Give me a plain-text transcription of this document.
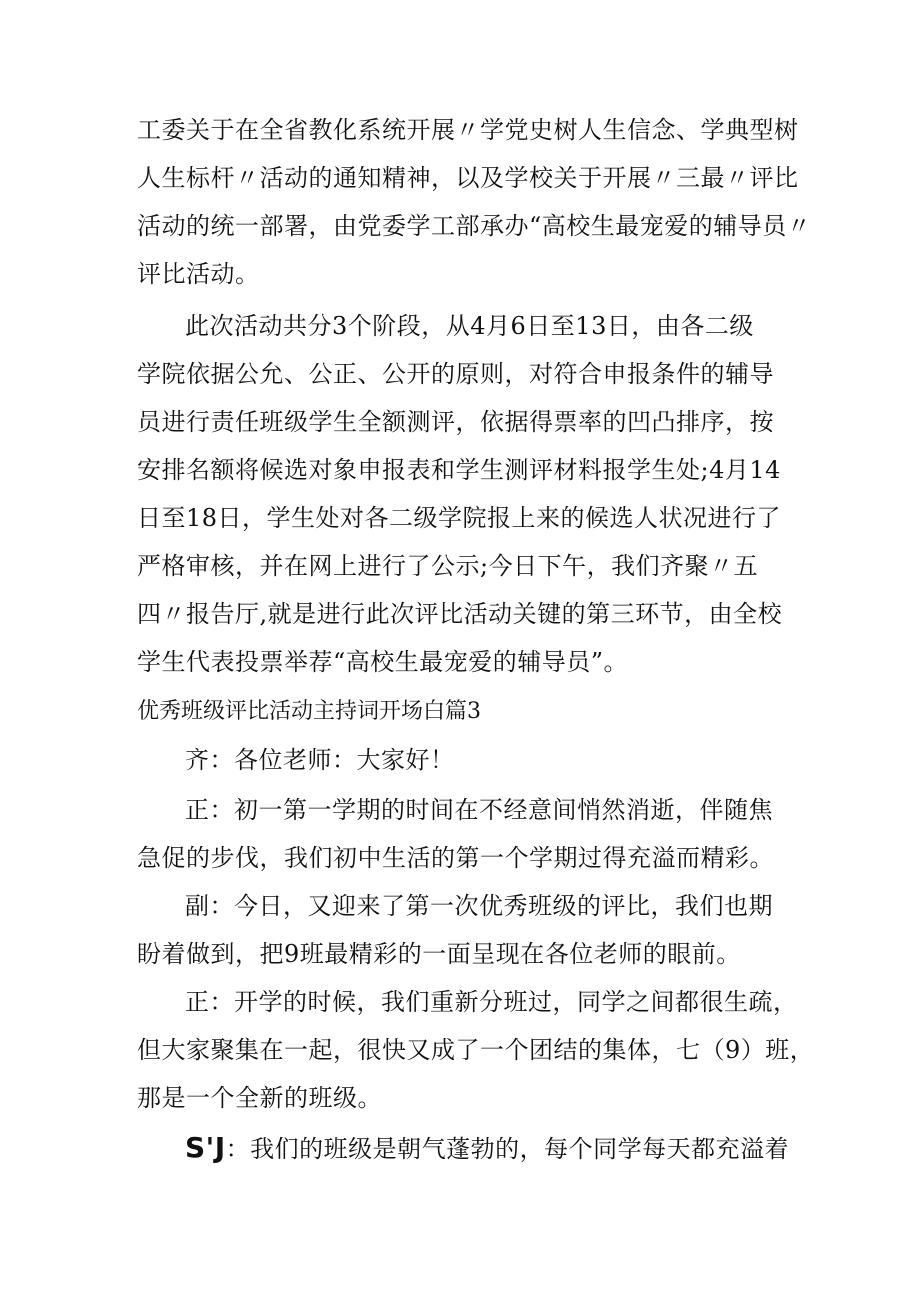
工委关于在全省教化系统开展〃学党史树人生信念、学典型树
人生标杆〃活动的通知精神，以及学校关于开展〃三最〃评比
活动的统一部署，由党委学工部承办“高校生最宠爱的辅导员〃
评比活动。
此次活动共分3个阶段，从4月6日至13日，由各二级
学院依据公允、公正、公开的原则，对符合申报条件的辅导
员进行责任班级学生全额测评，依据得票率的凹凸排序，按
安排名额将候选对象申报表和学生测评材料报学生处;4月14
日至18日，学生处对各二级学院报上来的候选人状况进行了
严格审核，并在网上进行了公示;今日下午，我们齐聚〃五
四〃报告厅,就是进行此次评比活动关键的第三环节，由全校
学生代表投票举荐“高校生最宠爱的辅导员”。
优秀班级评比活动主持词开场白篇3
齐：各位老师：大家好！
正：初一第一学期的时间在不经意间悄然消逝，伴随焦
急促的步伐，我们初中生活的第一个学期过得充溢而精彩。
副：今日，又迎来了第一次优秀班级的评比，我们也期
盼着做到，把9班最精彩的一面呈现在各位老师的眼前。
正：开学的时候，我们重新分班过，同学之间都很生疏，
但大家聚集在一起，很快又成了一个团结的集体，七（9）班，
那是一个全新的班级。
S'J：我们的班级是朝气蓬勃的，每个同学每天都充溢着
